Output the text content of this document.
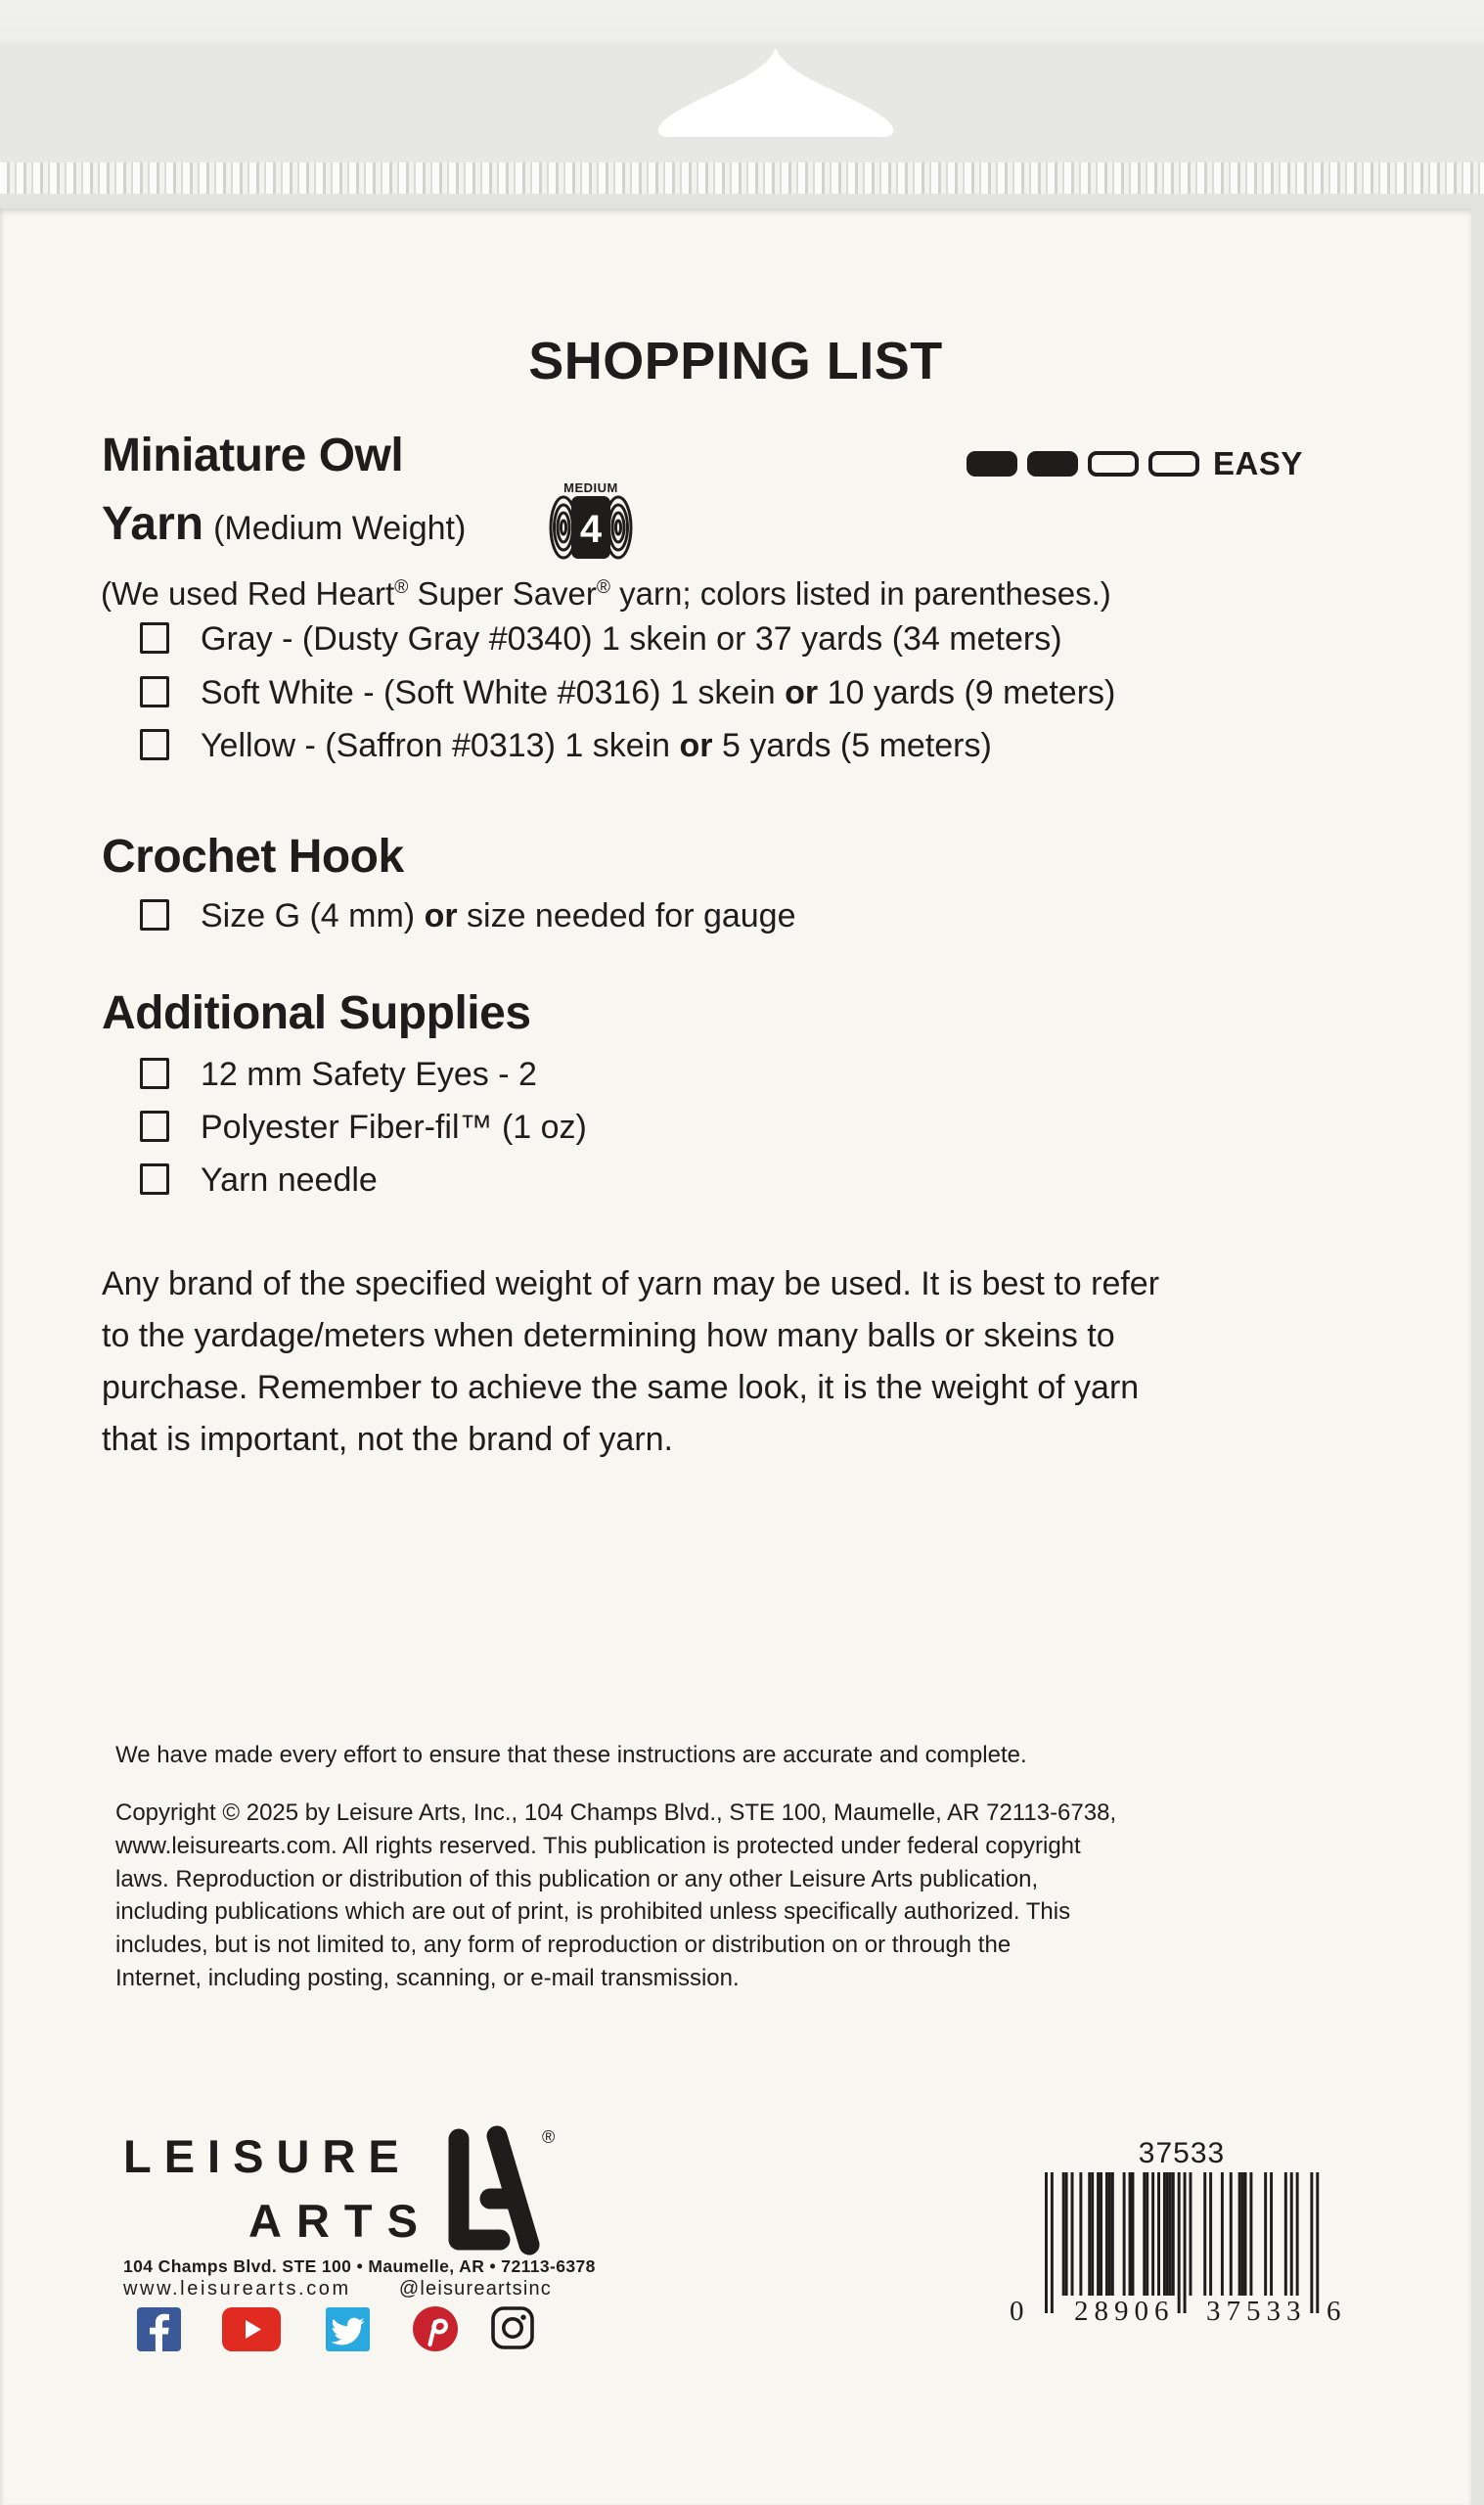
SHOPPING LIST
Miniature Owl	EASY
Yarn (Medium Weight)
MEDIUM
4
(We used Red Heart® Super Saver® yarn; colors listed in parentheses.)
Gray - (Dusty Gray #0340) 1 skein or 37 yards (34 meters)
Soft White - (Soft White #0316) 1 skein or 10 yards (9 meters)
Yellow - (Saffron #0313) 1 skein or 5 yards (5 meters)
Crochet Hook
Size G (4 mm) or size needed for gauge
Additional Supplies
12 mm Safety Eyes - 2
Polyester Fiber-fil™ (1 oz)
Yarn needle
Any brand of the specified weight of yarn may be used. It is best to refer
to the yardage/meters when determining how many balls or skeins to
purchase. Remember to achieve the same look, it is the weight of yarn
that is important, not the brand of yarn.
We have made every effort to ensure that these instructions are accurate and complete.
Copyright © 2025 by Leisure Arts, Inc., 104 Champs Blvd., STE 100, Maumelle, AR 72113-6738,
www.leisurearts.com. All rights reserved. This publication is protected under federal copyright
laws. Reproduction or distribution of this publication or any other Leisure Arts publication,
including publications which are out of print, is prohibited unless specifically authorized. This
includes, but is not limited to, any form of reproduction or distribution on or through the
Internet, including posting, scanning, or e-mail transmission.
LEISURE
ARTS
®
104 Champs Blvd. STE 100 • Maumelle, AR • 72113-6378
www.leisurearts.com @leisureartsinc
37533
0 28906 37533 6
